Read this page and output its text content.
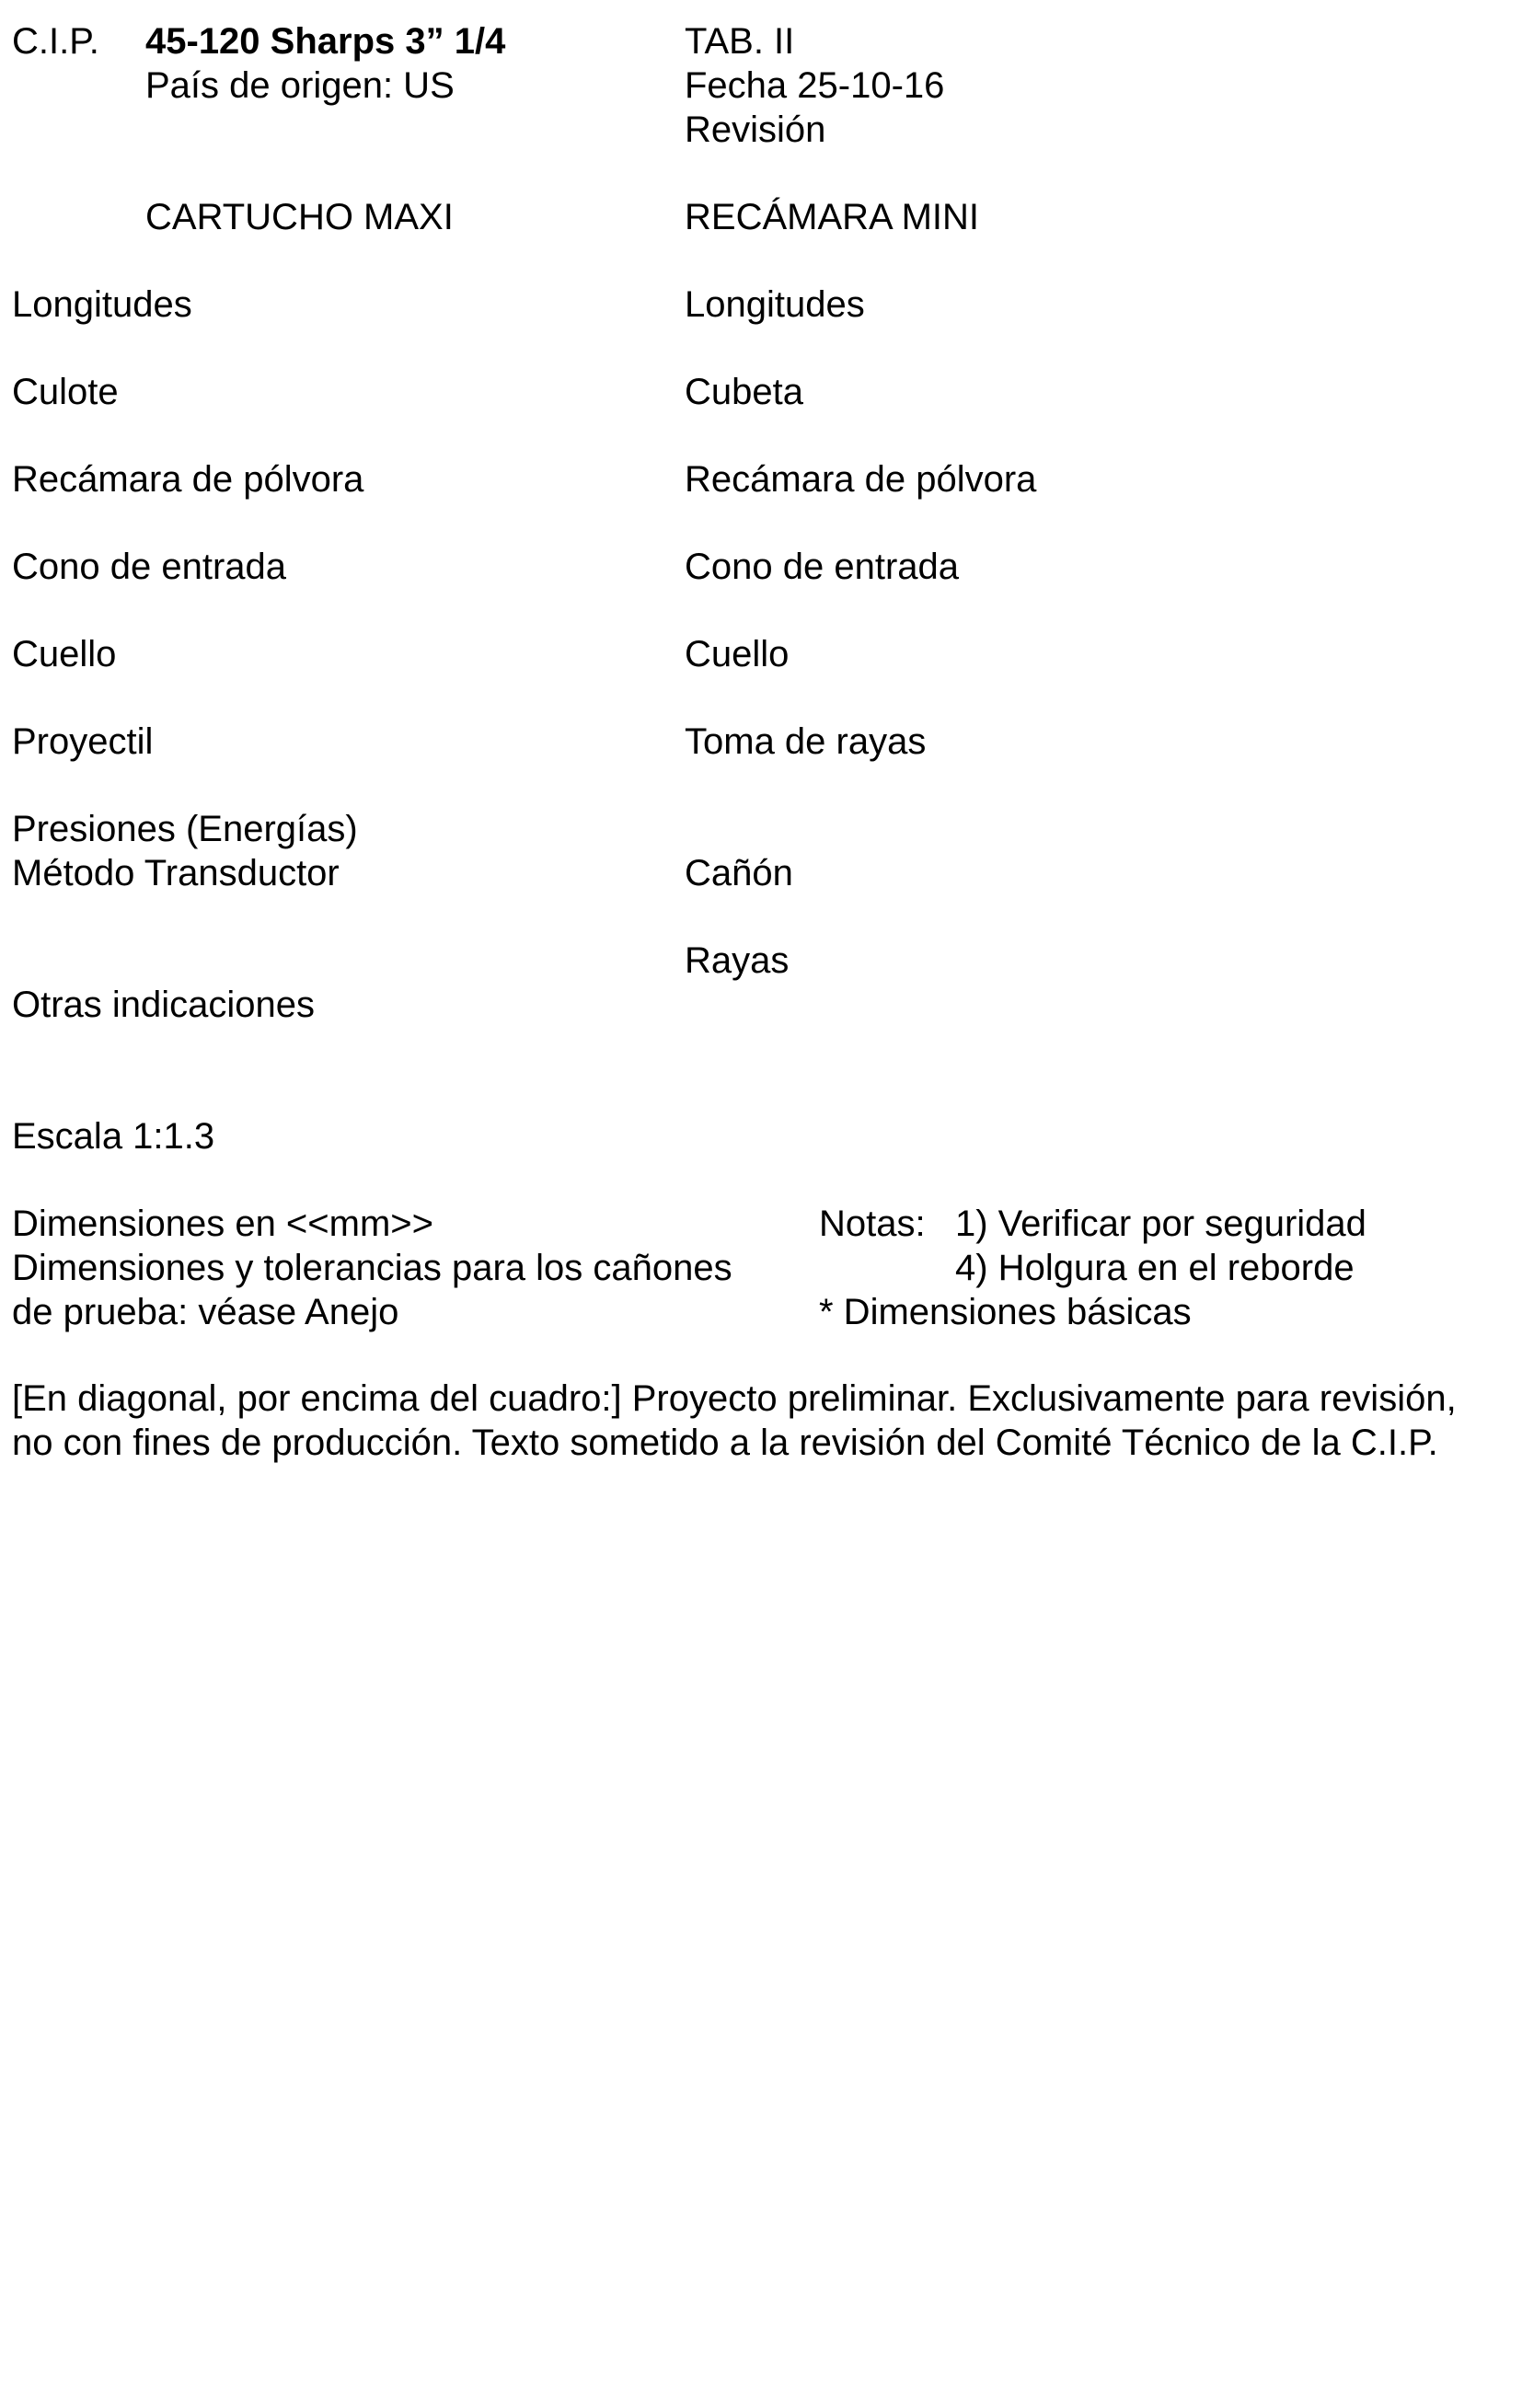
C.I.P. 45-120 Sharps 3” 1/4
País de origen: US
TAB. II
Fecha 25-10-16
Revisión
CARTUCHO MAXI	RECÁMARA MINI
Longitudes
Culote
Recámara de pólvora
Cono de entrada
Cuello
Proyectil
Presiones (Energías)
Método Transductor
Otras indicaciones
Longitudes
Cubeta
Recámara de pólvora
Cono de entrada
Cuello
Toma de rayas
Cañón
Rayas
Escala 1:1.3
Dimensiones en <<mm>>
Dimensiones y tolerancias para los cañones
de prueba: véase Anejo
Notas: 1) Verificar por seguridad
4) Holgura en el reborde
* Dimensiones básicas
[En diagonal, por encima del cuadro:] Proyecto preliminar. Exclusivamente para revisión,
no con fines de producción. Texto sometido a la revisión del Comité Técnico de la C.I.P.
